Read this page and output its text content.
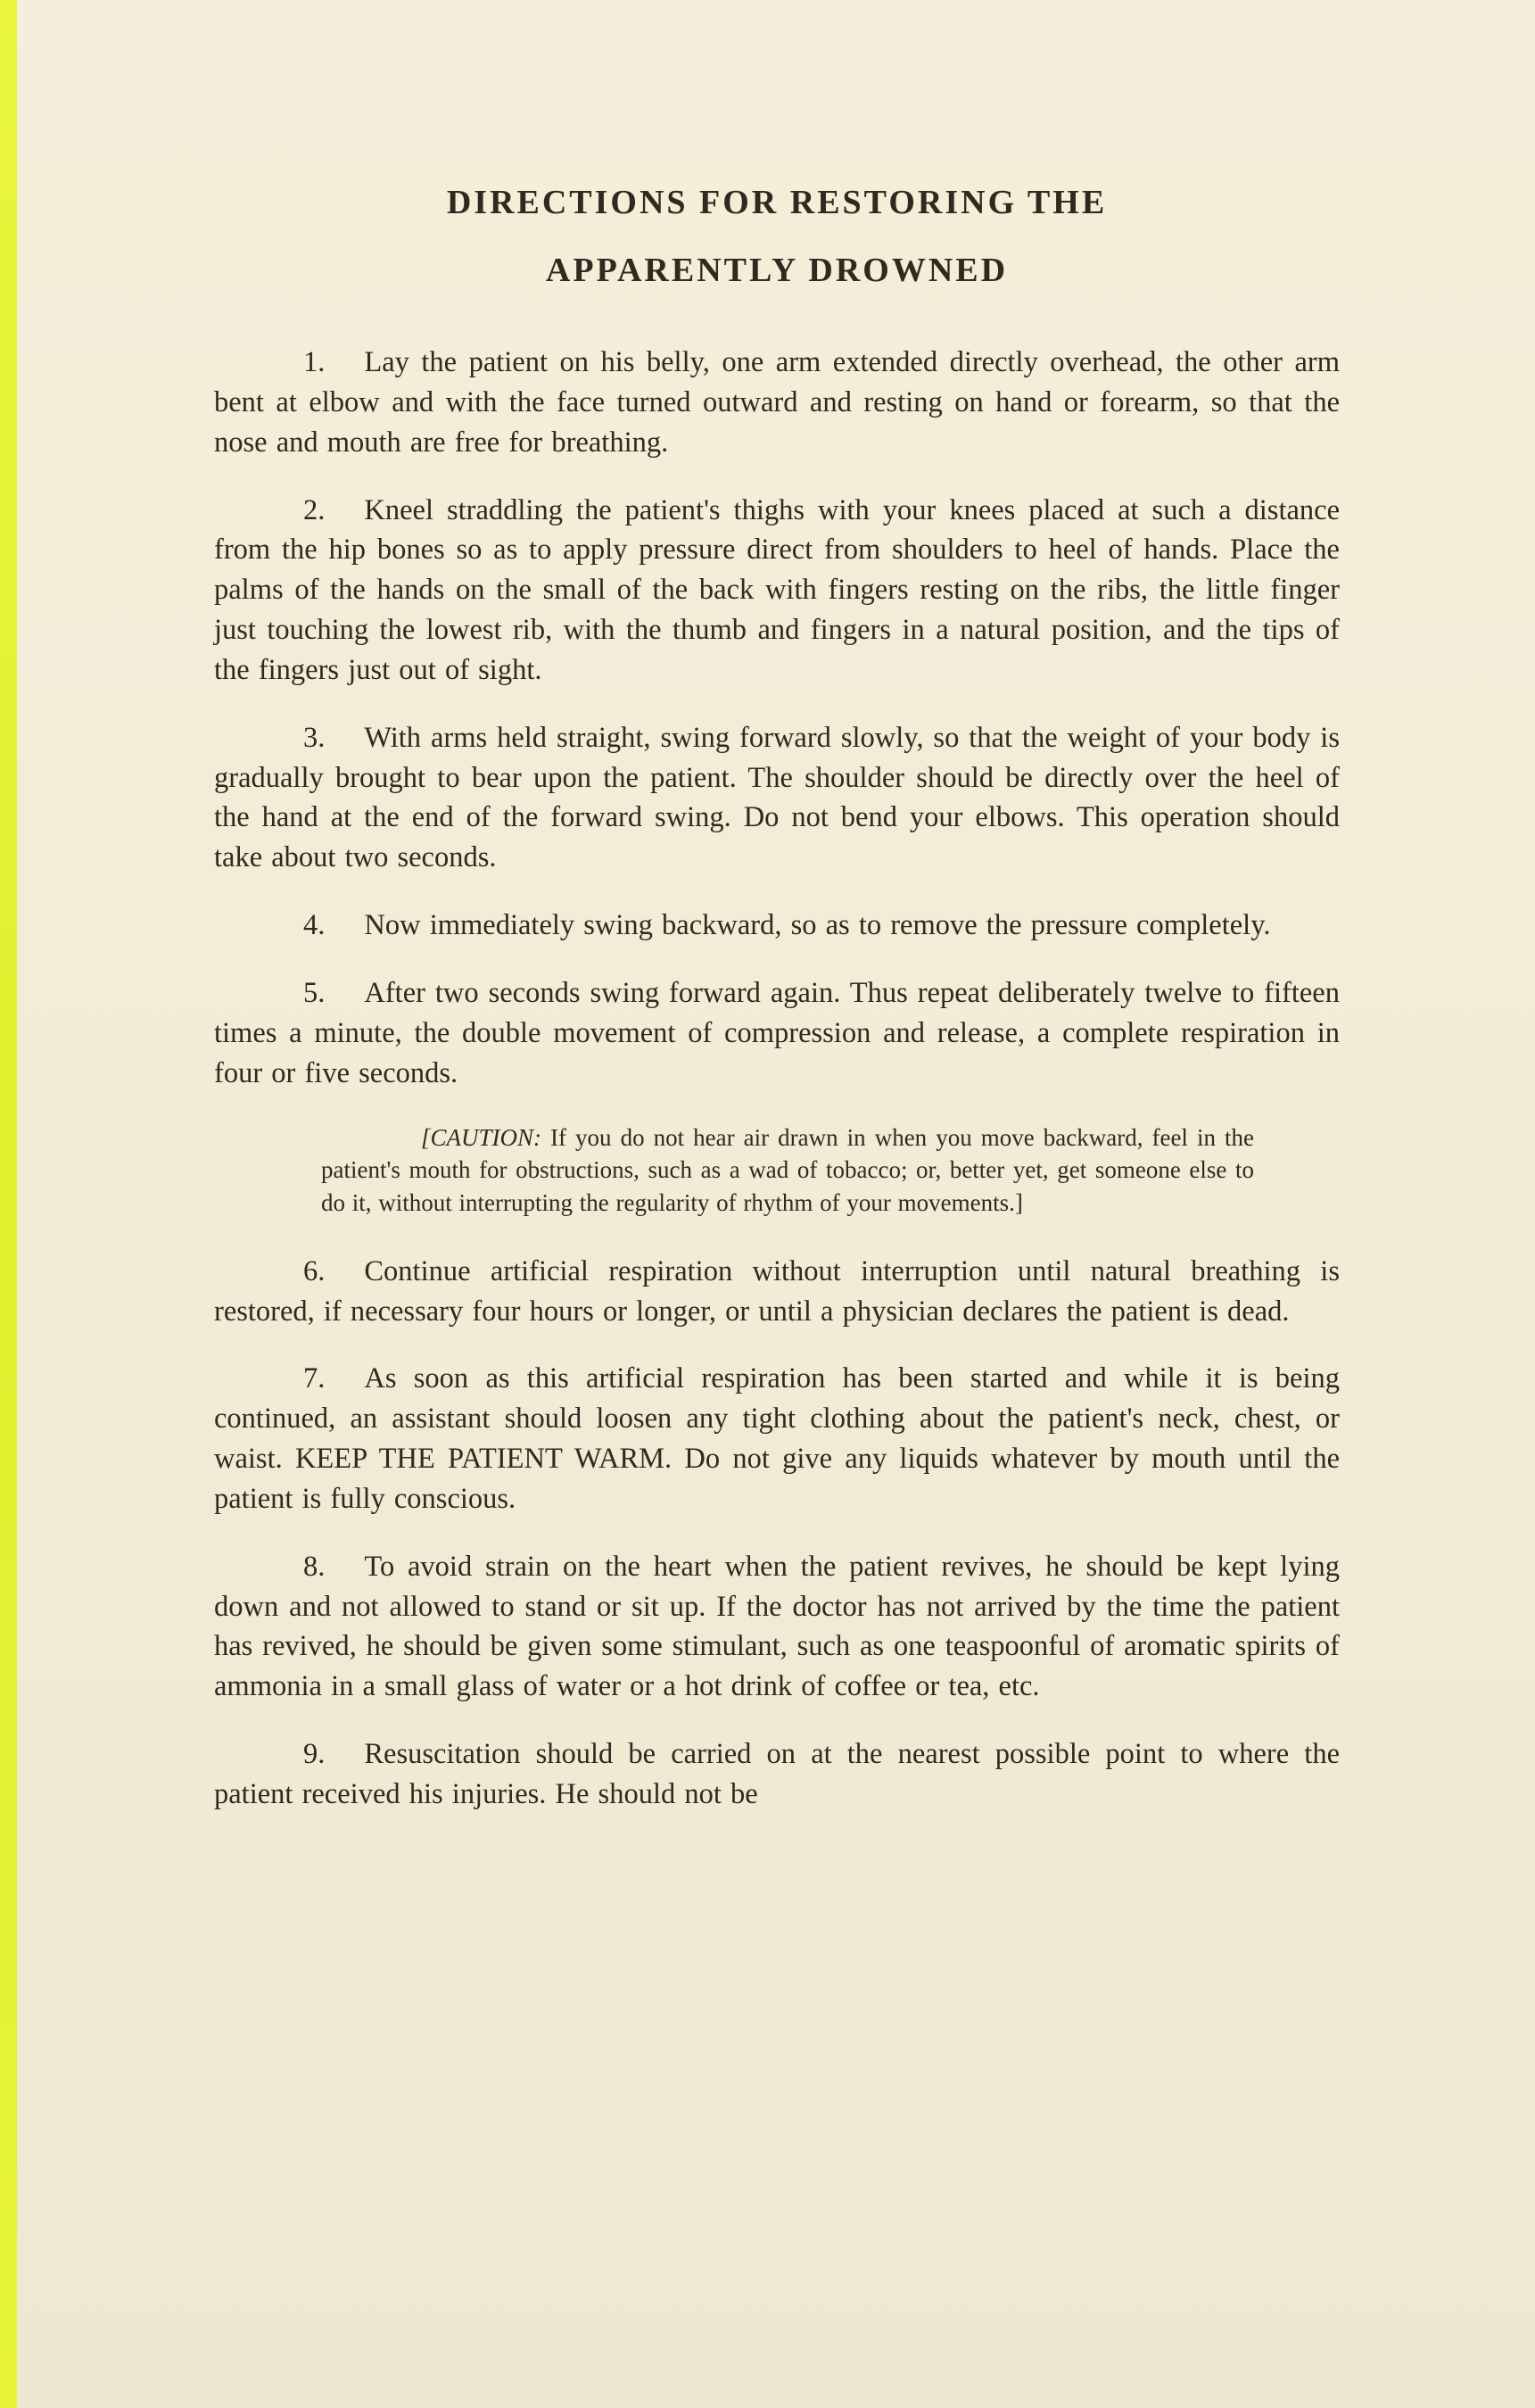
DIRECTIONS FOR RESTORING THE
APPARENTLY DROWNED

1. Lay the patient on his belly, one arm extended directly overhead, the other arm bent at elbow and with the face turned outward and resting on hand or forearm, so that the nose and mouth are free for breathing.

2. Kneel straddling the patient's thighs with your knees placed at such a distance from the hip bones so as to apply pressure direct from shoulders to heel of hands. Place the palms of the hands on the small of the back with fingers resting on the ribs, the little finger just touching the lowest rib, with the thumb and fingers in a natural position, and the tips of the fingers just out of sight.

3. With arms held straight, swing forward slowly, so that the weight of your body is gradually brought to bear upon the patient. The shoulder should be directly over the heel of the hand at the end of the forward swing. Do not bend your elbows. This operation should take about two seconds.

4. Now immediately swing backward, so as to remove the pressure completely.

5. After two seconds swing forward again. Thus repeat deliberately twelve to fifteen times a minute, the double movement of compression and release, a complete respiration in four or five seconds.

[CAUTION: If you do not hear air drawn in when you move backward, feel in the patient's mouth for obstructions, such as a wad of tobacco; or, better yet, get someone else to do it, without interrupting the regularity of rhythm of your movements.]

6. Continue artificial respiration without interruption until natural breathing is restored, if necessary four hours or longer, or until a physician declares the patient is dead.

7. As soon as this artificial respiration has been started and while it is being continued, an assistant should loosen any tight clothing about the patient's neck, chest, or waist. KEEP THE PATIENT WARM. Do not give any liquids whatever by mouth until the patient is fully conscious.

8. To avoid strain on the heart when the patient revives, he should be kept lying down and not allowed to stand or sit up. If the doctor has not arrived by the time the patient has revived, he should be given some stimulant, such as one teaspoonful of aromatic spirits of ammonia in a small glass of water or a hot drink of coffee or tea, etc.

9. Resuscitation should be carried on at the nearest possible point to where the patient received his injuries. He should not be
